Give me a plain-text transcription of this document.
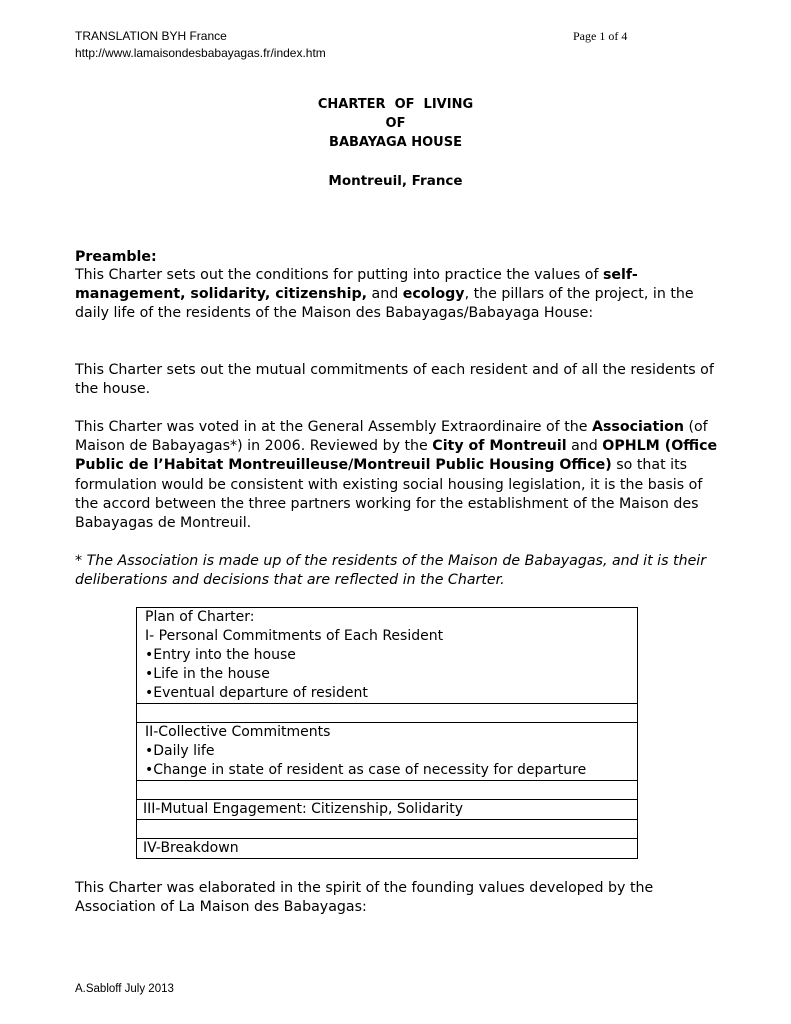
TRANSLATION BYH France
http://www.lamaisondesbabayagas.fr/index.htm
Page 1 of 4
CHARTER  OF  LIVING
OF
BABAYAGA HOUSE
Montreuil, France
Preamble:
This Charter sets out the conditions for putting into practice the values of self-management, solidarity, citizenship, and ecology, the pillars of the project, in the daily life of the residents of the Maison des Babayagas/Babayaga House:
This Charter sets out the mutual commitments of each resident and of all the residents of the house.
This Charter was voted in at the General Assembly Extraordinaire of the Association (of Maison de Babayagas*) in 2006. Reviewed by the City of Montreuil and OPHLM (Office Public de l’Habitat Montreuilleuse/Montreuil Public Housing Office) so that its formulation would be consistent with existing social housing legislation, it is the basis of the accord between the three partners working for the establishment of the Maison des Babayagas de Montreuil.
* The Association is made up of the residents of the Maison de Babayagas, and it is their deliberations and decisions that are reflected in the Charter.
Plan of Charter:
I- Personal Commitments of Each Resident
•Entry into the house
•Life in the house
•Eventual departure of resident

II-Collective Commitments
•Daily life
•Change in state of resident as case of necessity for departure

III-Mutual Engagement: Citizenship, Solidarity

IV-Breakdown
This Charter was elaborated in the spirit of the founding values developed by the Association of La Maison des Babayagas:
A.Sabloff July 2013
